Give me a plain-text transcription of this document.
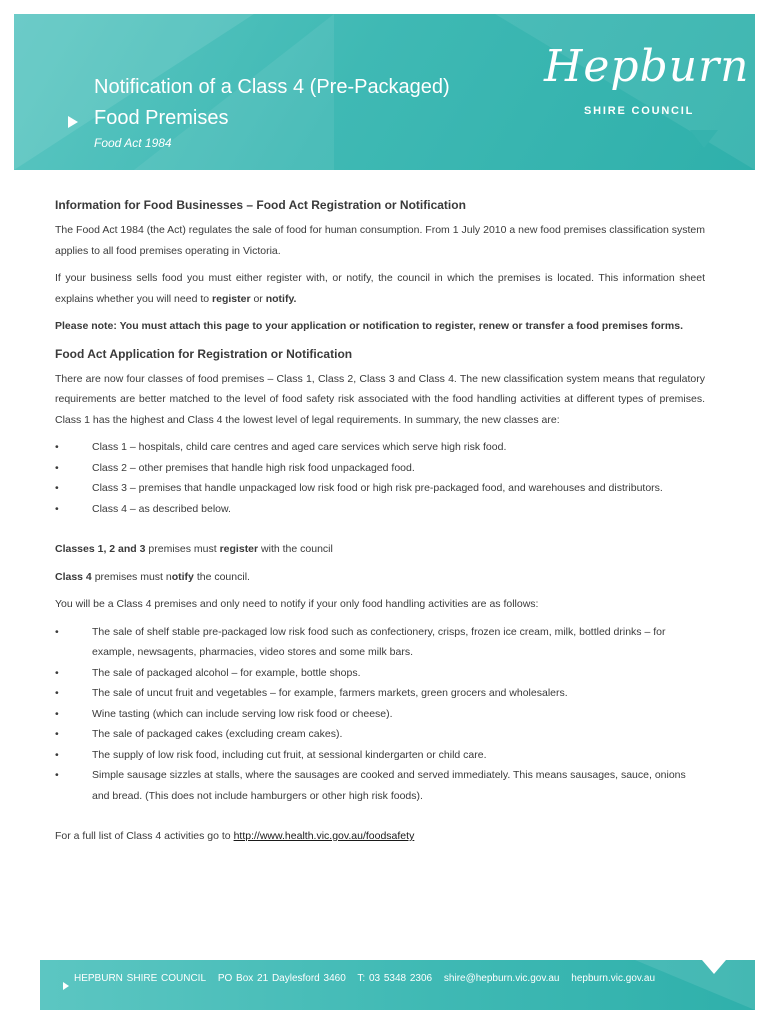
Notification of a Class 4 (Pre-Packaged)
Food Premises
Food Act 1984
Hepburn
SHIRE COUNCIL
Information for Food Businesses – Food Act Registration or Notification

The Food Act 1984 (the Act) regulates the sale of food for human consumption. From 1 July 2010 a new food premises classification system applies to all food premises operating in Victoria.

If your business sells food you must either register with, or notify, the council in which the premises is located. This information sheet explains whether you will need to register or notify.

Please note: You must attach this page to your application or notification to register, renew or transfer a food premises forms.

Food Act Application for Registration or Notification

There are now four classes of food premises – Class 1, Class 2, Class 3 and Class 4. The new classification system means that regulatory requirements are better matched to the level of food safety risk associated with the food handling activities at different types of premises. Class 1 has the highest and Class 4 the lowest level of legal requirements. In summary, the new classes are:

• Class 1 – hospitals, child care centres and aged care services which serve high risk food.
• Class 2 – other premises that handle high risk food unpackaged food.
• Class 3 – premises that handle unpackaged low risk food or high risk pre-packaged food, and warehouses and distributors.
• Class 4 – as described below.

Classes 1, 2 and 3 premises must register with the council

Class 4 premises must notify the council.

You will be a Class 4 premises and only need to notify if your only food handling activities are as follows:

• The sale of shelf stable pre-packaged low risk food such as confectionery, crisps, frozen ice cream, milk, bottled drinks – for example, newsagents, pharmacies, video stores and some milk bars.
• The sale of packaged alcohol – for example, bottle shops.
• The sale of uncut fruit and vegetables – for example, farmers markets, green grocers and wholesalers.
• Wine tasting (which can include serving low risk food or cheese).
• The sale of packaged cakes (excluding cream cakes).
• The supply of low risk food, including cut fruit, at sessional kindergarten or child care.
• Simple sausage sizzles at stalls, where the sausages are cooked and served immediately. This means sausages, sauce, onions and bread. (This does not include hamburgers or other high risk foods).

For a full list of Class 4 activities go to http://www.health.vic.gov.au/foodsafety

HEPBURN SHIRE COUNCIL PO Box 21 Daylesford 3460 T: 03 5348 2306 shire@hepburn.vic.gov.au hepburn.vic.gov.au
